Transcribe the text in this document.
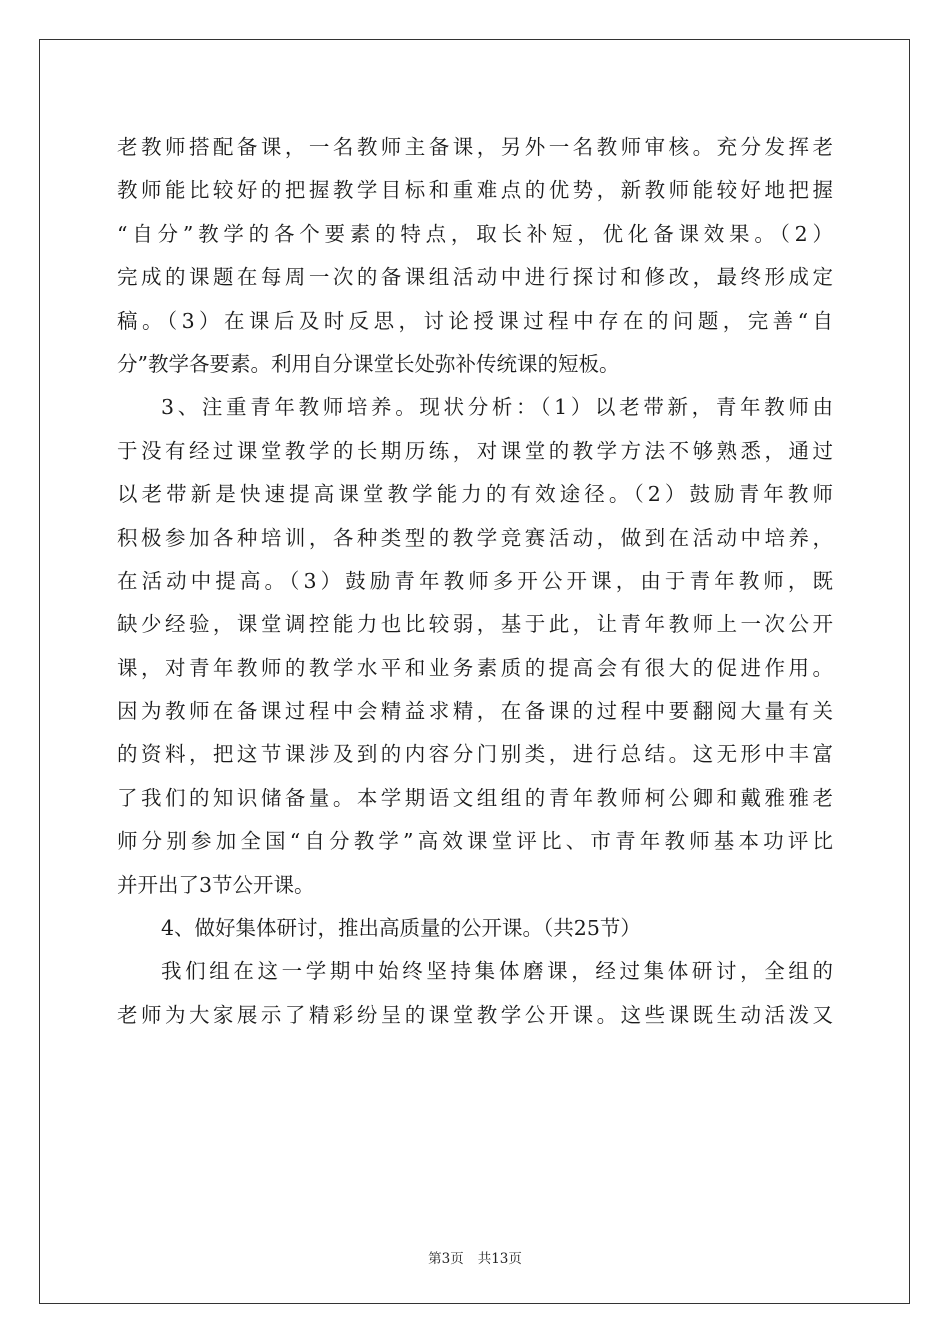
老教师搭配备课，一名教师主备课，另外一名教师审核。充分发挥老
教师能比较好的把握教学目标和重难点的优势，新教师能较好地把握
“自分”教学的各个要素的特点，取长补短，优化备课效果。（2）
完成的课题在每周一次的备课组活动中进行探讨和修改，最终形成定
稿。（3）在课后及时反思，讨论授课过程中存在的问题，完善“自
分”教学各要素。利用自分课堂长处弥补传统课的短板。
3、注重青年教师培养。现状分析：（1）以老带新，青年教师由
于没有经过课堂教学的长期历练，对课堂的教学方法不够熟悉，通过
以老带新是快速提高课堂教学能力的有效途径。（2）鼓励青年教师
积极参加各种培训，各种类型的教学竞赛活动，做到在活动中培养，
在活动中提高。（3）鼓励青年教师多开公开课，由于青年教师，既
缺少经验，课堂调控能力也比较弱，基于此，让青年教师上一次公开
课，对青年教师的教学水平和业务素质的提高会有很大的促进作用。
因为教师在备课过程中会精益求精，在备课的过程中要翻阅大量有关
的资料，把这节课涉及到的内容分门别类，进行总结。这无形中丰富
了我们的知识储备量。本学期语文组组的青年教师柯公卿和戴雅雅老
师分别参加全国“自分教学”高效课堂评比、市青年教师基本功评比
并开出了3节公开课。
4、做好集体研讨，推出高质量的公开课。（共25节）
我们组在这一学期中始终坚持集体磨课，经过集体研讨，全组的
老师为大家展示了精彩纷呈的课堂教学公开课。这些课既生动活泼又
第3页 共13页
